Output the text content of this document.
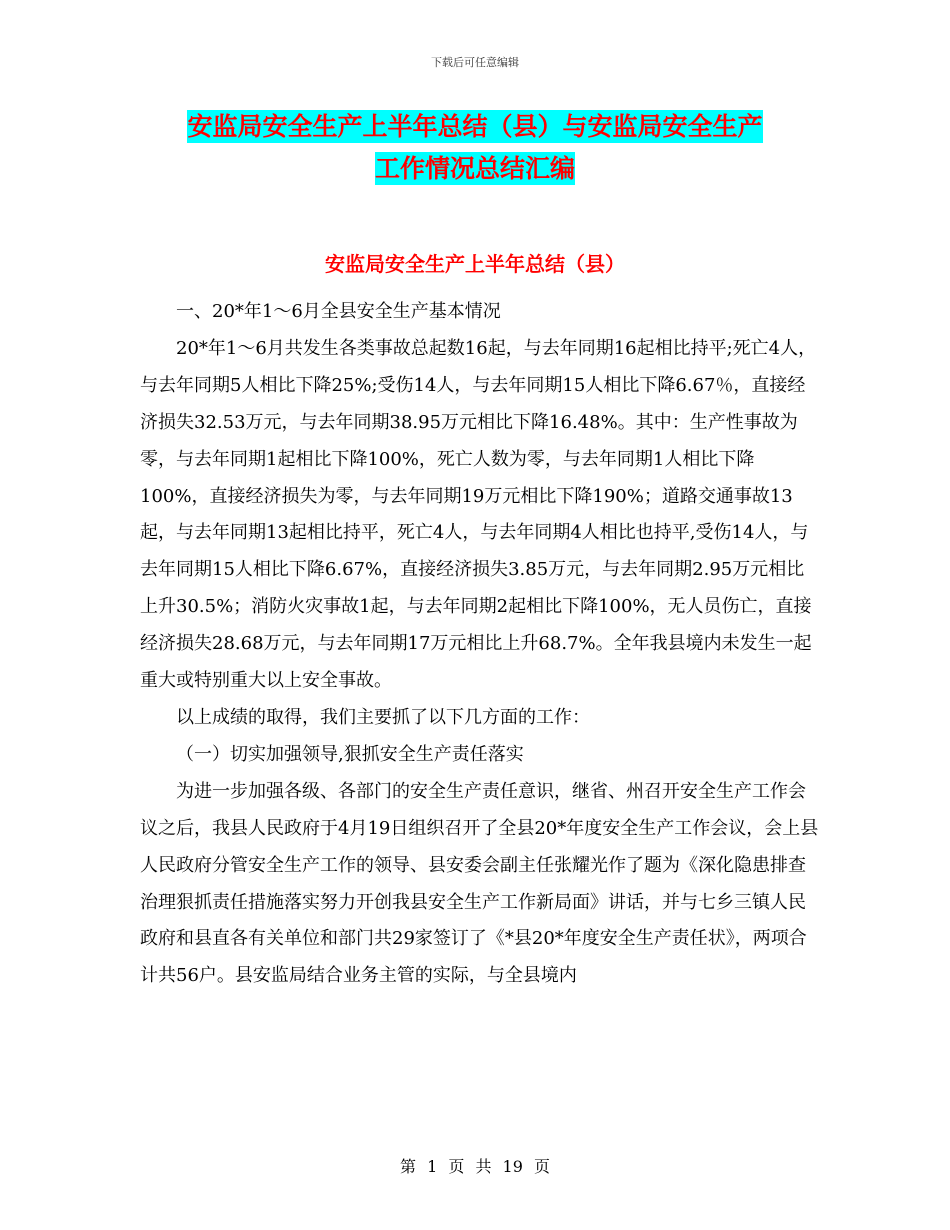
下载后可任意编辑
安监局安全生产上半年总结（县）与安监局安全生产
工作情况总结汇编
安监局安全生产上半年总结（县）

一、20*年1～6月全县安全生产基本情况

20*年1～6月共发生各类事故总起数16起，与去年同期16起相比持平;死亡4人，与去年同期5人相比下降25%;受伤14人，与去年同期15人相比下降6.67％，直接经济损失32.53万元，与去年同期38.95万元相比下降16.48%。其中：生产性事故为零，与去年同期1起相比下降100%，死亡人数为零，与去年同期1人相比下降100%，直接经济损失为零，与去年同期19万元相比下降190%；道路交通事故13起，与去年同期13起相比持平，死亡4人，与去年同期4人相比也持平,受伤14人，与去年同期15人相比下降6.67%，直接经济损失3.85万元，与去年同期2.95万元相比上升30.5%；消防火灾事故1起，与去年同期2起相比下降100%，无人员伤亡，直接经济损失28.68万元，与去年同期17万元相比上升68.7%。全年我县境内未发生一起重大或特别重大以上安全事故。

以上成绩的取得，我们主要抓了以下几方面的工作：

（一）切实加强领导,狠抓安全生产责任落实

为进一步加强各级、各部门的安全生产责任意识，继省、州召开安全生产工作会议之后，我县人民政府于4月19日组织召开了全县20*年度安全生产工作会议，会上县人民政府分管安全生产工作的领导、县安委会副主任张耀光作了题为《深化隐患排查治理狠抓责任措施落实努力开创我县安全生产工作新局面》讲话，并与七乡三镇人民政府和县直各有关单位和部门共29家签订了《*县20*年度安全生产责任状》，两项合计共56户。县安监局结合业务主管的实际，与全县境内

第 1 页 共 19 页
